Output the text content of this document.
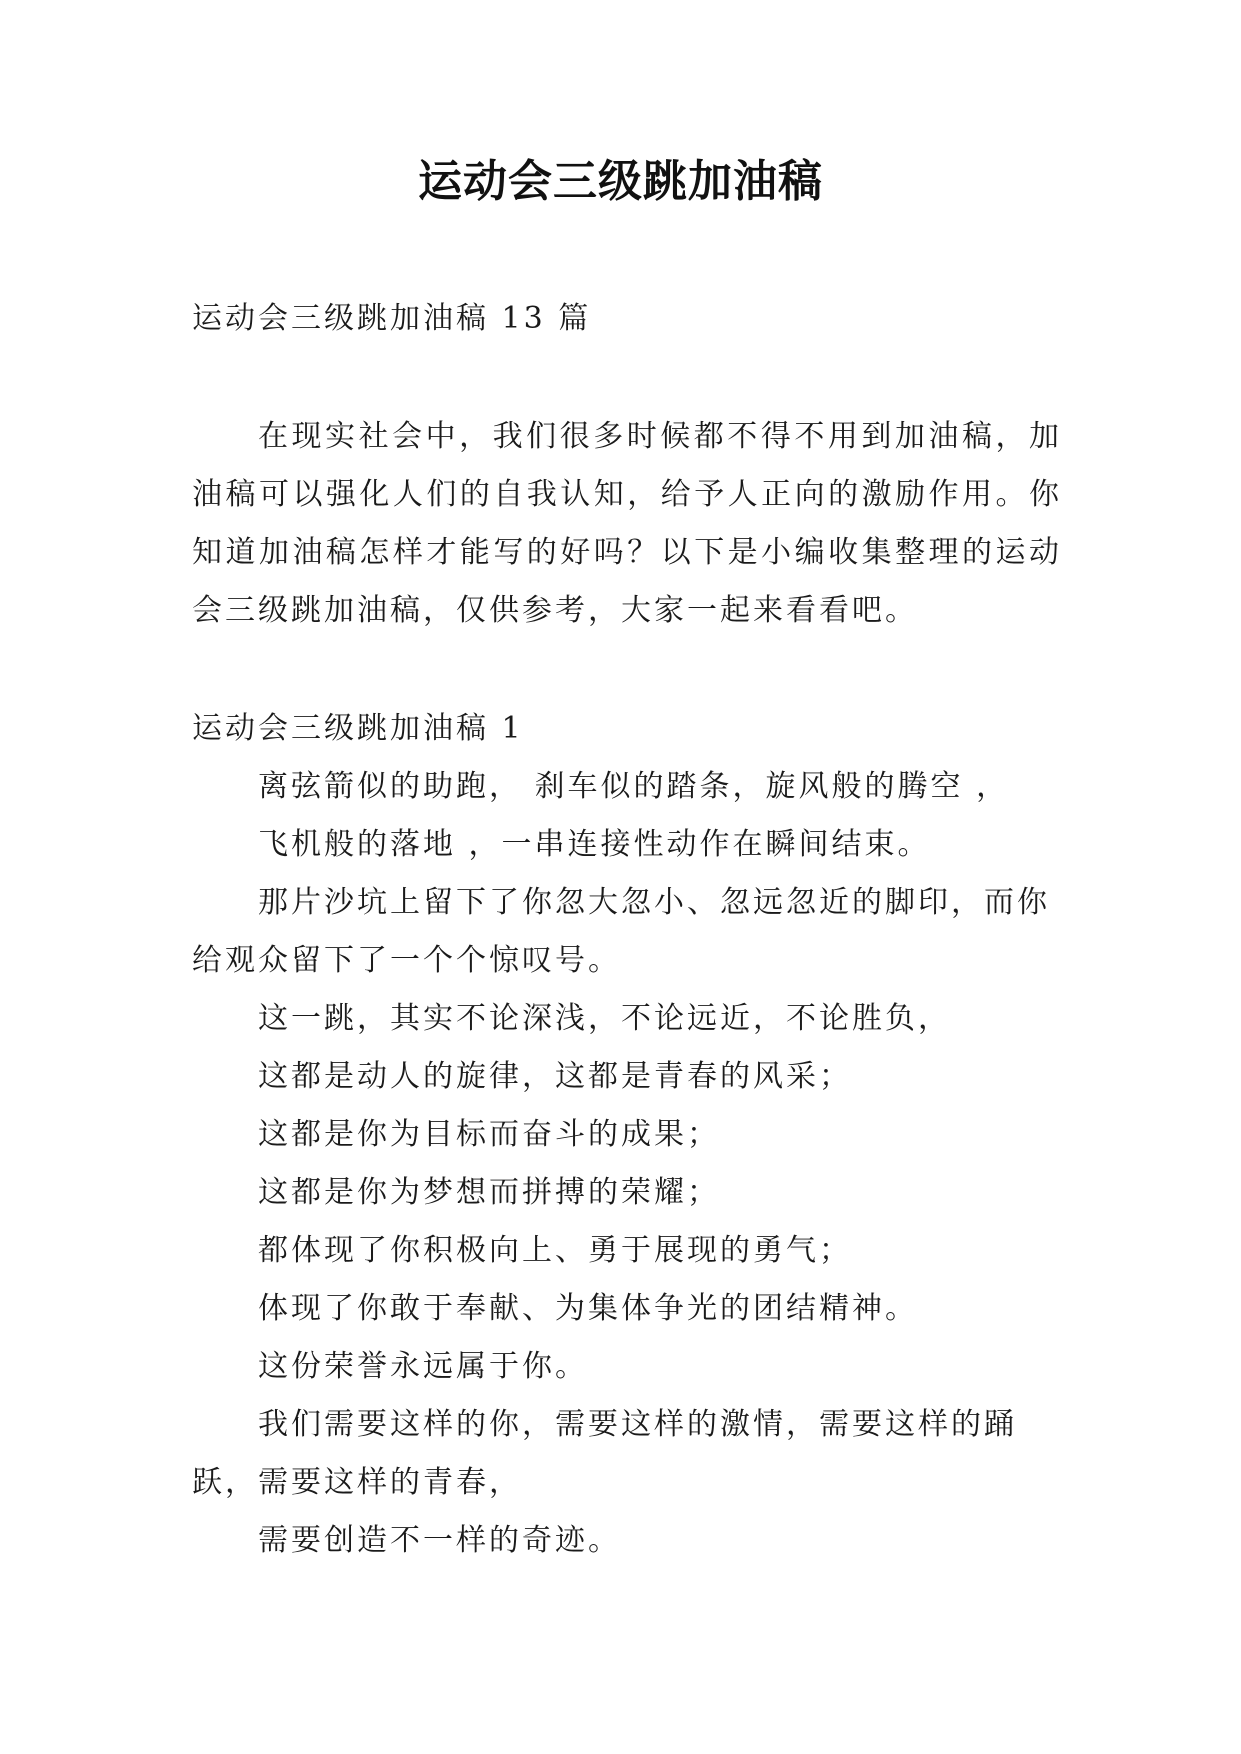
运动会三级跳加油稿

运动会三级跳加油稿 13 篇

在现实社会中，我们很多时候都不得不用到加油稿，加油稿可以强化人们的自我认知，给予人正向的激励作用。你知道加油稿怎样才能写的好吗？以下是小编收集整理的运动会三级跳加油稿，仅供参考，大家一起来看看吧。

运动会三级跳加油稿 1

离弦箭似的助跑， 刹车似的踏条，旋风般的腾空 ，

飞机般的落地 ，一串连接性动作在瞬间结束。

那片沙坑上留下了你忽大忽小、忽远忽近的脚印，而你给观众留下了一个个惊叹号。

这一跳，其实不论深浅，不论远近，不论胜负，

这都是动人的旋律，这都是青春的风采；

这都是你为目标而奋斗的成果；

这都是你为梦想而拼搏的荣耀；

都体现了你积极向上、勇于展现的勇气；

体现了你敢于奉献、为集体争光的团结精神。

这份荣誉永远属于你。

我们需要这样的你，需要这样的激情，需要这样的踊跃，需要这样的青春，

需要创造不一样的奇迹。
